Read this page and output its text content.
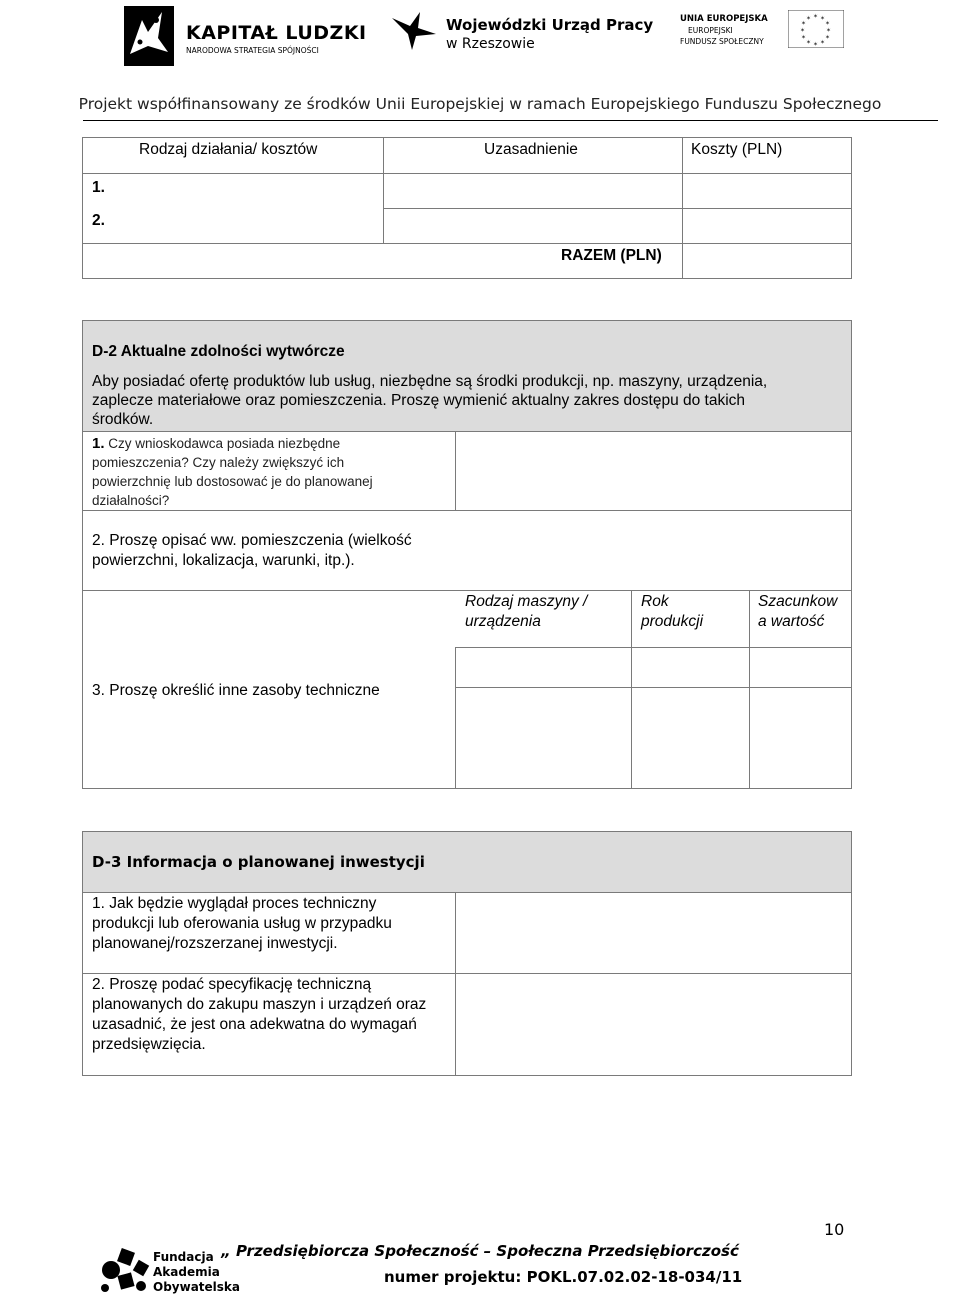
KAPITAŁ LUDZKI
NARODOWA STRATEGIA SPÓJNOŚCI
Wojewódzki Urząd Pracy
w Rzeszowie
UNIA EUROPEJSKA
EUROPEJSKI
FUNDUSZ SPOŁECZNY
✶ ✶
✶
✶
✶
✶
✶
✶
✶
✶
✶
✶
Projekt współfinansowany ze środków Unii Europejskiej w ramach Europejskiego Funduszu Społecznego
Rodzaj działania/ kosztów	Uzasadnienie	Koszty (PLN)
1.
2.
RAZEM (PLN)
D-2 Aktualne zdolności wytwórcze
Aby posiadać ofertę produktów lub usług, niezbędne są środki produkcji, np. maszyny, urządzenia,
zaplecze materiałowe oraz pomieszczenia. Proszę wymienić aktualny zakres dostępu do takich
środków.
1. Czy wnioskodawca posiada niezbędne
pomieszczenia? Czy należy zwiększyć ich
powierzchnię lub dostosować je do planowanej
działalności?
2. Proszę opisać ww. pomieszczenia (wielkość
powierzchni, lokalizacja, warunki, itp.).
Rodzaj maszyny /
urządzenia
Rok
produkcji
Szacunkow
a wartość
3. Proszę określić inne zasoby techniczne
D-3 Informacja o planowanej inwestycji
1. Jak będzie wyglądał proces techniczny
produkcji lub oferowania usług w przypadku
planowanej/rozszerzanej inwestycji.
2. Proszę podać specyfikację techniczną
planowanych do zakupu maszyn i urządzeń oraz
uzasadnić, że jest ona adekwatna do wymagań
przedsięwzięcia.
10
Fundacja
Akademia
Obywatelska
„ Przedsiębiorcza Społeczność – Społeczna Przedsiębiorczość
numer projektu: POKL.07.02.02-18-034/11
